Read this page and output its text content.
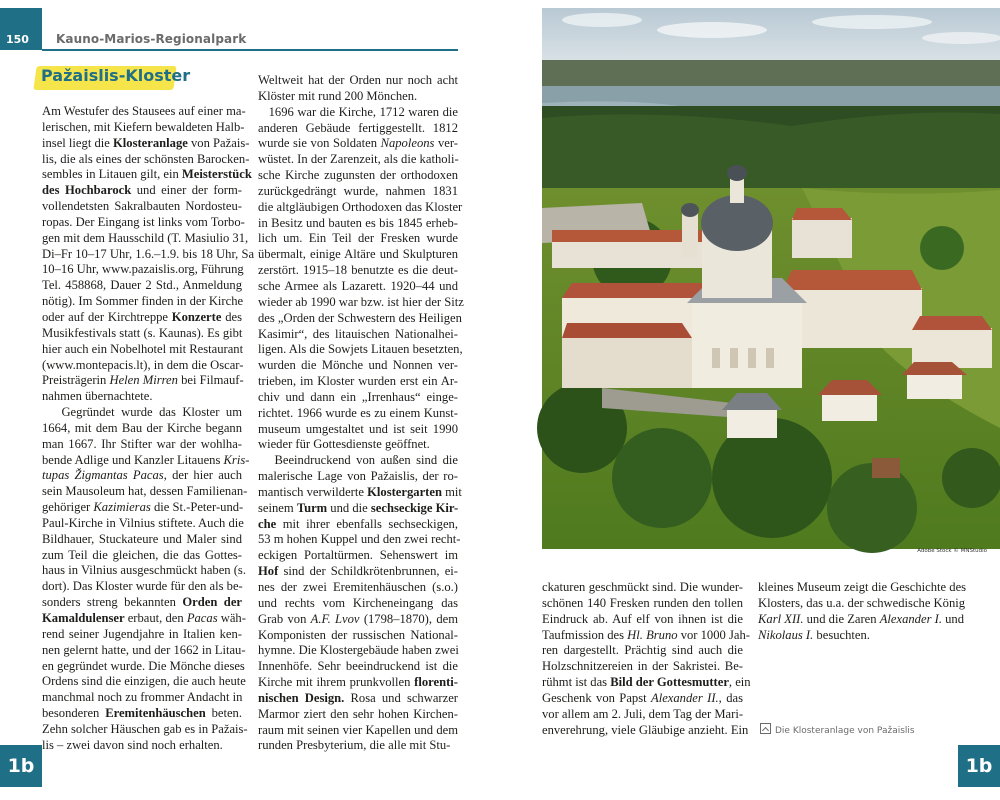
150 Kauno-Marios-Regionalpark
Pažaislis-Kloster
Am Westufer des Stausees auf einer ma-
lerischen, mit Kiefern bewaldeten Halb-
insel liegt die Klosteranlage von Pažais-
lis, die als eines der schönsten Barocken-
sembles in Litauen gilt, ein Meisterstück
des Hochbarock und einer der form-
vollendetsten Sakralbauten Nordosteu-
ropas. Der Eingang ist links vom Torbo-
gen mit dem Hausschild (T. Masiulio 31,
Di–Fr 10–17 Uhr, 1.6.–1.9. bis 18 Uhr, Sa
10–16 Uhr, www.pazaislis.org, Führung
Tel. 458868, Dauer 2 Std., Anmeldung
nötig). Im Sommer finden in der Kirche
oder auf der Kirchtreppe Konzerte des
Musikfestivals statt (s. Kaunas). Es gibt
hier auch ein Nobelhotel mit Restaurant
(www.montepacis.lt), in dem die Oscar-
Preisträgerin Helen Mirren bei Filmauf-
nahmen übernachtete.
Gegründet wurde das Kloster um
1664, mit dem Bau der Kirche begann
man 1667. Ihr Stifter war der wohlha-
bende Adlige und Kanzler Litauens Kris-
tupas Žigmantas Pacas, der hier auch
sein Mausoleum hat, dessen Familienan-
gehöriger Kazimieras die St.-Peter-und-
Paul-Kirche in Vilnius stiftete. Auch die
Bildhauer, Stuckateure und Maler sind
zum Teil die gleichen, die das Gottes-
haus in Vilnius ausgeschmückt haben (s.
dort). Das Kloster wurde für den als be-
sonders streng bekannten Orden der
Kamaldulenser erbaut, den Pacas wäh-
rend seiner Jugendjahre in Italien ken-
nen gelernt hatte, und der 1662 in Litau-
en gegründet wurde. Die Mönche dieses
Ordens sind die einzigen, die auch heute
manchmal noch zu frommer Andacht in
besonderen Eremitenhäuschen beten.
Zehn solcher Häuschen gab es in Pažais-
lis – zwei davon sind noch erhalten.
Weltweit hat der Orden nur noch acht
Klöster mit rund 200 Mönchen.
1696 war die Kirche, 1712 waren die
anderen Gebäude fertiggestellt. 1812
wurde sie von Soldaten Napoleons ver-
wüstet. In der Zarenzeit, als die katholi-
sche Kirche zugunsten der orthodoxen
zurückgedrängt wurde, nahmen 1831
die altgläubigen Orthodoxen das Kloster
in Besitz und bauten es bis 1845 erheb-
lich um. Ein Teil der Fresken wurde
übermalt, einige Altäre und Skulpturen
zerstört. 1915–18 benutzte es die deut-
sche Armee als Lazarett. 1920–44 und
wieder ab 1990 war bzw. ist hier der Sitz
des „Orden der Schwestern des Heiligen
Kasimir“, des litauischen Nationalhei-
ligen. Als die Sowjets Litauen besetzten,
wurden die Mönche und Nonnen ver-
trieben, im Kloster wurden erst ein Ar-
chiv und dann ein „Irrenhaus“ einge-
richtet. 1966 wurde es zu einem Kunst-
museum umgestaltet und ist seit 1990
wieder für Gottesdienste geöffnet.
Beeindruckend von außen sind die
malerische Lage von Pažaislis, der ro-
mantisch verwilderte Klostergarten mit
seinem Turm und die sechseckige Kir-
che mit ihrer ebenfalls sechseckigen,
53 m hohen Kuppel und den zwei recht-
eckigen Portaltürmen. Sehenswert im
Hof sind der Schildkrötenbrunnen, ei-
nes der zwei Eremitenhäuschen (s.o.)
und rechts vom Kircheneingang das
Grab von A.F. Lvov (1798–1870), dem
Komponisten der russischen National-
hymne. Die Klostergebäude haben zwei
Innenhöfe. Sehr beeindruckend ist die
Kirche mit ihrem prunkvollen florenti-
nischen Design. Rosa und schwarzer
Marmor ziert den sehr hohen Kirchen-
raum mit seinen vier Kapellen und dem
runden Presbyterium, die alle mit Stu-
ckaturen geschmückt sind. Die wunder-
schönen 140 Fresken runden den tollen
Eindruck ab. Auf elf von ihnen ist die
Taufmission des Hl. Bruno vor 1000 Jah-
ren dargestellt. Prächtig sind auch die
Holzschnitzereien in der Sakristei. Be-
rühmt ist das Bild der Gottesmutter, ein
Geschenk von Papst Alexander II., das
vor allem am 2. Juli, dem Tag der Mari-
enverehrung, viele Gläubige anzieht. Ein
kleines Museum zeigt die Geschichte des
Klosters, das u.a. der schwedische König
Karl XII. und die Zaren Alexander I. und
Nikolaus I. besuchten.
Adobe Stock © MNStudio
Die Klosteranlage von Pažaislis
1b	1b
